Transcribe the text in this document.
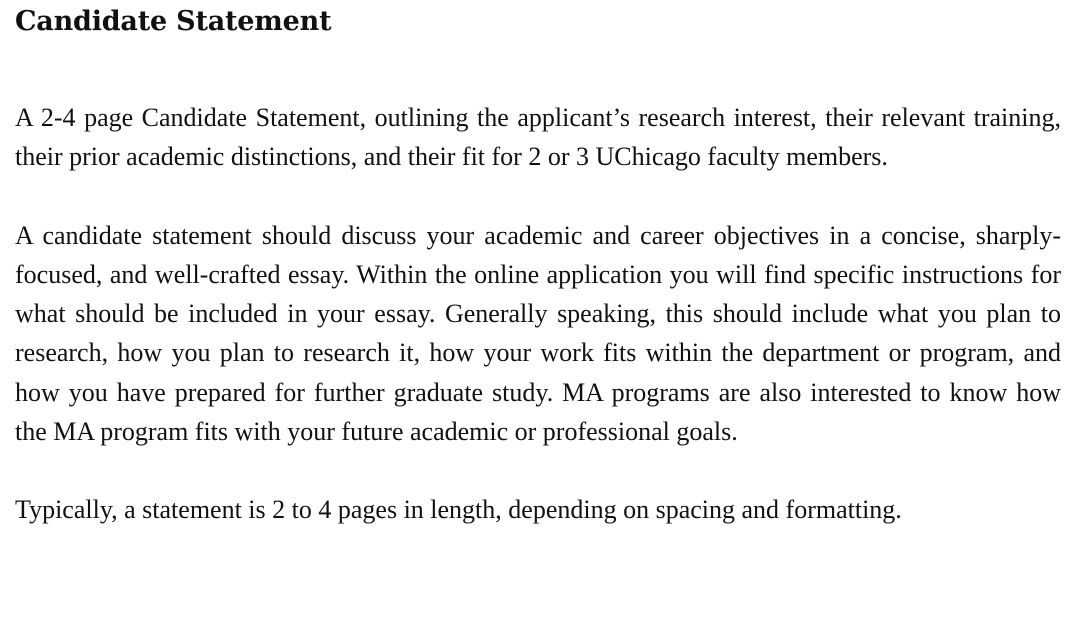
Candidate Statement

A 2-4 page Candidate Statement, outlining the applicant’s research interest, their relevant training, their prior academic distinctions, and their fit for 2 or 3 UChicago faculty members.

A candidate statement should discuss your academic and career objectives in a concise, sharply-focused, and well-crafted essay. Within the online application you will find specific instructions for what should be included in your essay. Generally speaking, this should include what you plan to research, how you plan to research it, how your work fits within the department or program, and how you have prepared for further graduate study. MA programs are also interested to know how the MA program fits with your future academic or professional goals.

Typically, a statement is 2 to 4 pages in length, depending on spacing and formatting.
